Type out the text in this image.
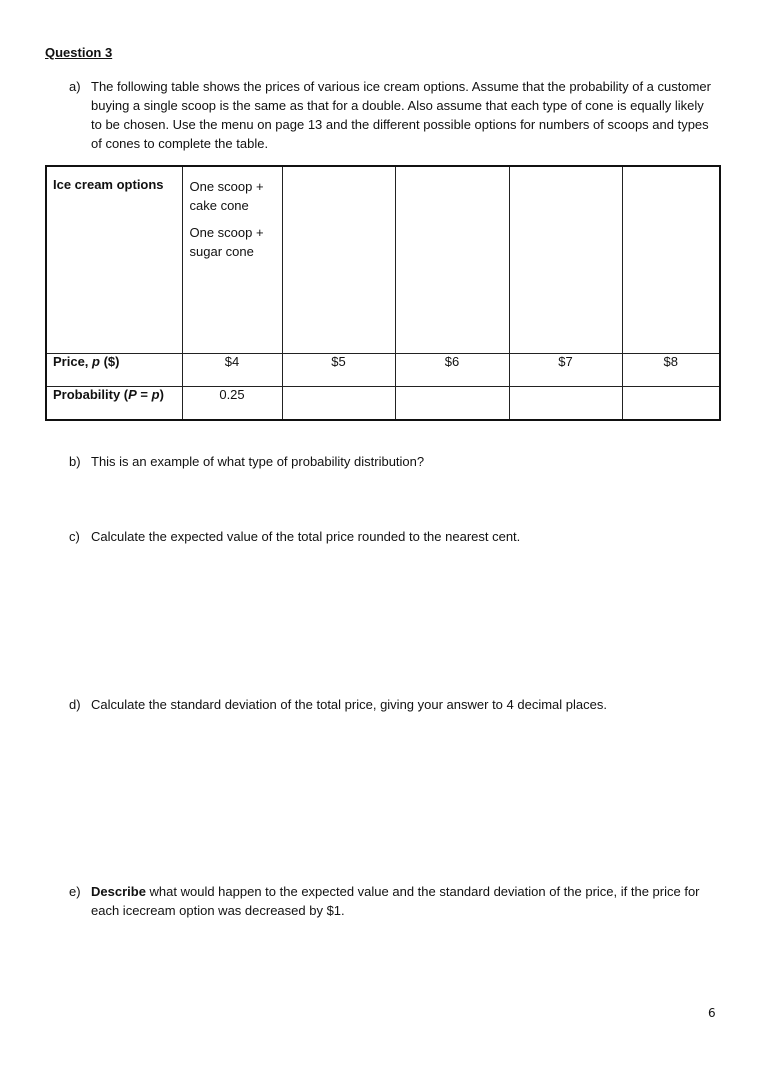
Question 3
a) The following table shows the prices of various ice cream options. Assume that the probability of a customer buying a single scoop is the same as that for a double. Also assume that each type of cone is equally likely to be chosen. Use the menu on page 13 and the different possible options for numbers of scoops and types of cones to complete the table.
Ice cream options	One scoop + cake cone
One scoop + sugar cone				

Price, p ($)	$4	$5	$6	$7	$8
Probability (P = p)	0.25				
b) This is an example of what type of probability distribution?
c) Calculate the expected value of the total price rounded to the nearest cent.
d) Calculate the standard deviation of the total price, giving your answer to 4 decimal places.
e) Describe what would happen to the expected value and the standard deviation of the price, if the price for each icecream option was decreased by $1.
6
